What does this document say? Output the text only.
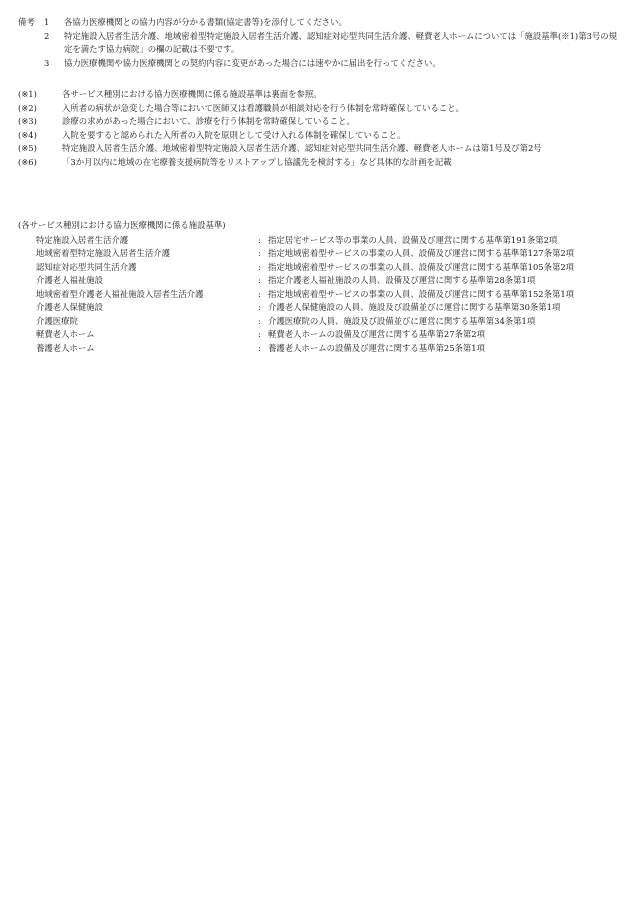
備考	1	各協力医療機関との協力内容が分かる書類(協定書等)を添付してください。
2	特定施設入居者生活介護、地域密着型特定施設入居者生活介護、認知症対応型共同生活介護、軽費老人ホームについては「施設基準(※1)第3号の規定を満たす協力病院」の欄の記載は不要です。
3	協力医療機関や協力医療機関との契約内容に変更があった場合には速やかに届出を行ってください。
(※1)	各サービス種別における協力医療機関に係る施設基準は裏面を参照。
(※2)	入所者の病状が急変した場合等において医師又は看護職員が相談対応を行う体制を常時確保していること。
(※3)	診療の求めがあった場合において、診療を行う体制を常時確保していること。
(※4)	入院を要すると認められた入所者の入院を原則として受け入れる体制を確保していること。
(※5)	特定施設入居者生活介護、地域密着型特定施設入居者生活介護、認知症対応型共同生活介護、軽費老人ホームは第1号及び第2号
(※6)	「3か月以内に地域の在宅療養支援病院等をリストアップし協議先を検討する」など具体的な計画を記載
(各サービス種別における協力医療機関に係る施設基準)
特定施設入居者生活介護	: 指定居宅サービス等の事業の人員、設備及び運営に関する基準第191条第2項
地域密着型特定施設入居者生活介護	: 指定地域密着型サービスの事業の人員、設備及び運営に関する基準第127条第2項
認知症対応型共同生活介護	: 指定地域密着型サービスの事業の人員、設備及び運営に関する基準第105条第2項
介護老人福祉施設	: 指定介護老人福祉施設の人員、設備及び運営に関する基準第28条第1項
地域密着型介護老人福祉施設入居者生活介護	: 指定地域密着型サービスの事業の人員、設備及び運営に関する基準第152条第1項
介護老人保健施設	: 介護老人保健施設の人員、施設及び設備並びに運営に関する基準第30条第1項
介護医療院	: 介護医療院の人員、施設及び設備並びに運営に関する基準第34条第1項
軽費老人ホーム	: 軽費老人ホームの設備及び運営に関する基準第27条第2項
養護老人ホーム	: 養護老人ホームの設備及び運営に関する基準第25条第1項
